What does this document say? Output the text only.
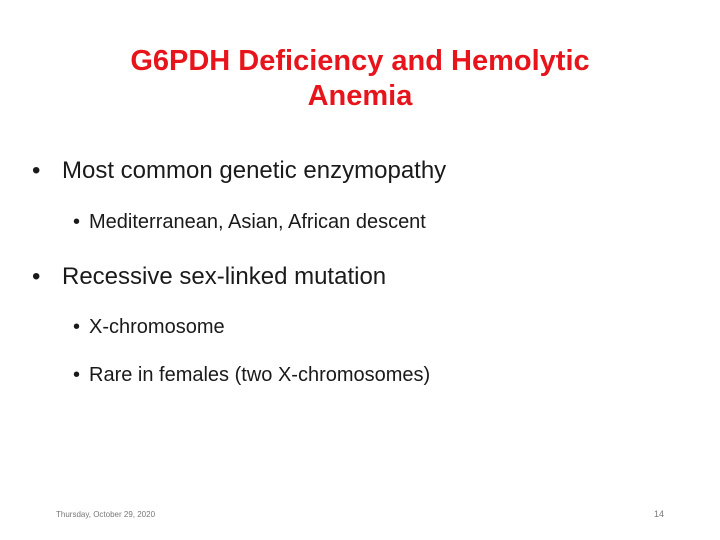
G6PDH Deficiency and Hemolytic
Anemia
• Most common genetic enzymopathy
• Mediterranean, Asian, African descent
• Recessive sex-linked mutation
• X-chromosome
• Rare in females (two X-chromosomes)
Thursday, October 29, 2020	14
